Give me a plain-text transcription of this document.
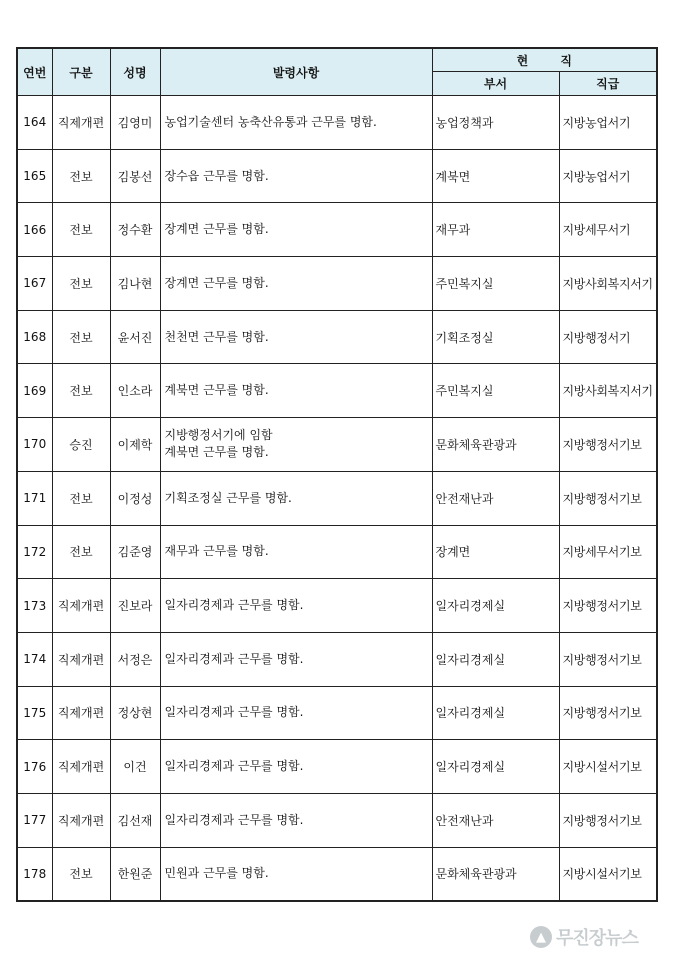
연번	구분	성명	발령사항	현 직	
				부서	직급
164	직제개편	김영미	농업기술센터 농축산유통과 근무를 명함.	농업정책과	지방농업서기
165	전보	김봉선	장수읍 근무를 명함.	계북면	지방농업서기
166	전보	정수환	장계면 근무를 명함.	재무과	지방세무서기
167	전보	김나현	장계면 근무를 명함.	주민복지실	지방사회복지서기
168	전보	윤서진	천천면 근무를 명함.	기획조정실	지방행정서기
169	전보	인소라	계북면 근무를 명함.	주민복지실	지방사회복지서기
170	승진	이제학	지방행정서기에 임함
계북면 근무를 명함.	문화체육관광과	지방행정서기보
171	전보	이정성	기획조정실 근무를 명함.	안전재난과	지방행정서기보
172	전보	김준영	재무과 근무를 명함.	장계면	지방세무서기보
173	직제개편	진보라	일자리경제과 근무를 명함.	일자리경제실	지방행정서기보
174	직제개편	서정은	일자리경제과 근무를 명함.	일자리경제실	지방행정서기보
175	직제개편	정상현	일자리경제과 근무를 명함.	일자리경제실	지방행정서기보
176	직제개편	이건	일자리경제과 근무를 명함.	일자리경제실	지방시설서기보
177	직제개편	김선재	일자리경제과 근무를 명함.	안전재난과	지방행정서기보
178	전보	한원준	민원과 근무를 명함.	문화체육관광과	지방시설서기보
▲ 무진장뉴스
